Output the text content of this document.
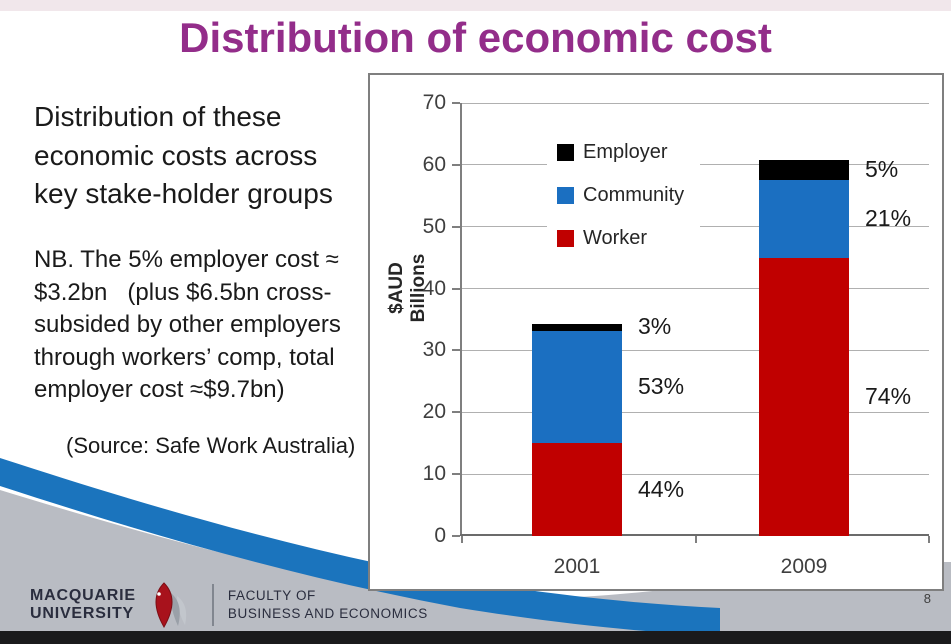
Distribution of economic cost

Distribution of these economic costs across key stake-holder groups

NB. The 5% employer cost ≈ $3.2bn   (plus $6.5bn cross-subsided by other employers through workers’ comp, total employer cost ≈$9.7bn)

(Source: Safe Work Australia)

$AUD Billions
0
10
20
30
40
50
60
70
44%
53%
3%
2001
74%
21%
5%
2009
Employer
Community
Worker
MACQUARIE
UNIVERSITY
FACULTY OF
BUSINESS AND ECONOMICS
8
